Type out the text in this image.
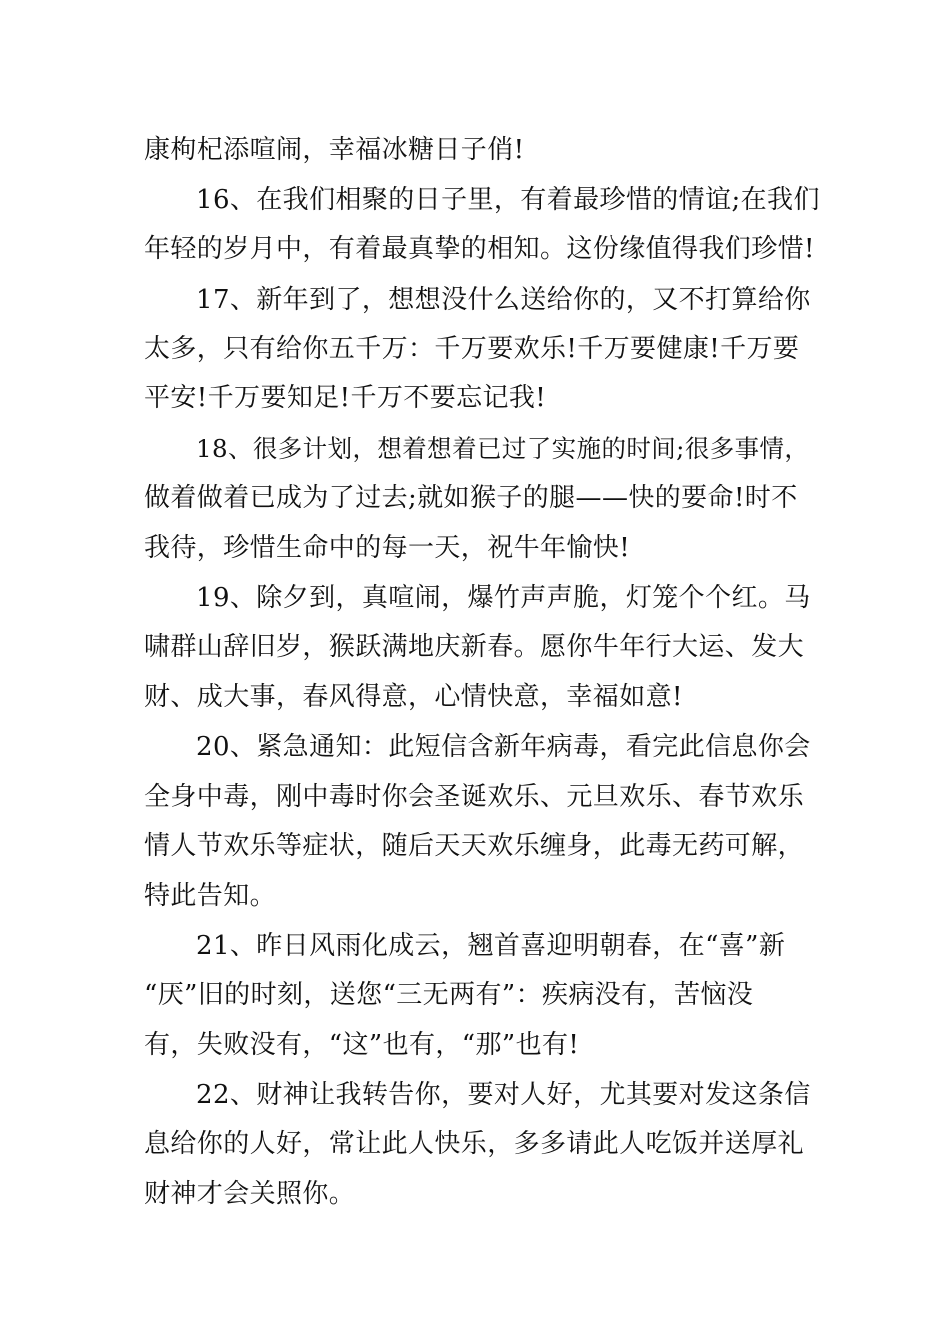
康枸杞添喧闹，幸福冰糖日子俏!
16、在我们相聚的日子里，有着最珍惜的情谊;在我们
年轻的岁月中，有着最真挚的相知。这份缘值得我们珍惜!
17、新年到了，想想没什么送给你的，又不打算给你
太多，只有给你五千万：千万要欢乐!千万要健康!千万要
平安!千万要知足!千万不要忘记我!
18、很多计划，想着想着已过了实施的时间;很多事情，
做着做着已成为了过去;就如猴子的腿——快的要命!时不
我待，珍惜生命中的每一天，祝牛年愉快!
19、除夕到，真喧闹，爆竹声声脆，灯笼个个红。马
啸群山辞旧岁，猴跃满地庆新春。愿你牛年行大运、发大
财、成大事，春风得意，心情快意，幸福如意!
20、紧急通知：此短信含新年病毒，看完此信息你会
全身中毒，刚中毒时你会圣诞欢乐、元旦欢乐、春节欢乐
情人节欢乐等症状，随后天天欢乐缠身，此毒无药可解，
特此告知。
21、昨日风雨化成云，翘首喜迎明朝春，在“喜”新
“厌”旧的时刻，送您“三无两有”：疾病没有，苦恼没
有，失败没有，“这”也有，“那”也有!
22、财神让我转告你，要对人好，尤其要对发这条信
息给你的人好，常让此人快乐，多多请此人吃饭并送厚礼
财神才会关照你。
